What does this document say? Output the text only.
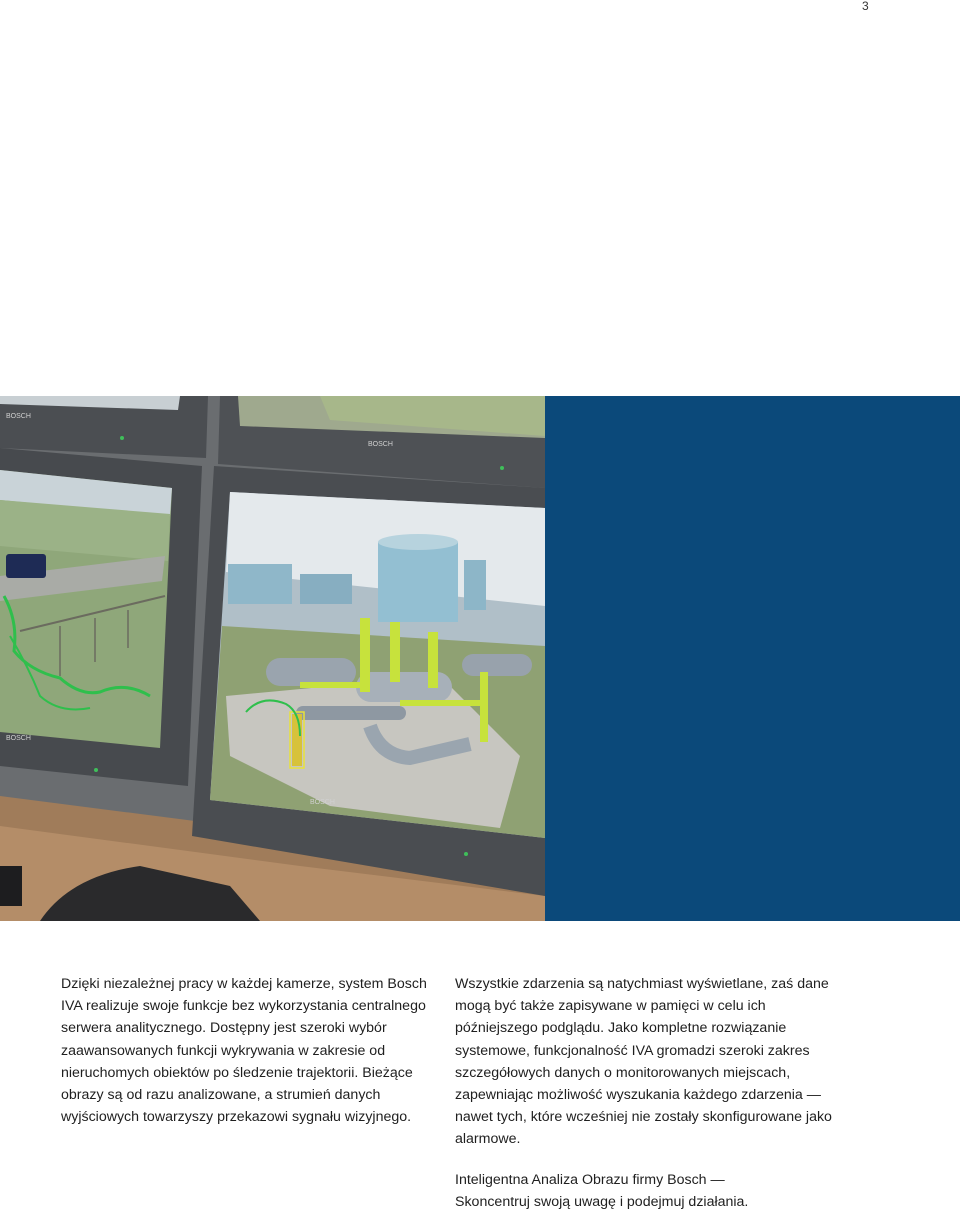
3
BOSCH
BOSCH
BOSCH
BOSCH

Dzięki niezależnej pracy w każdej kamerze, system Bosch IVA realizuje swoje funkcje bez wykorzystania centralnego serwera analitycznego. Dostępny jest szeroki wybór zaawansowanych funkcji wykrywania w zakresie od nieruchomych obiektów po śledzenie trajektorii. Bieżące obrazy są od razu analizowane, a strumień danych wyjściowych towarzyszy przekazowi sygnału wizyjnego.

Wszystkie zdarzenia są natychmiast wyświetlane, zaś dane mogą być także zapisywane w pamięci w celu ich późniejszego podglądu. Jako kompletne rozwiązanie systemowe, funkcjonalność IVA gromadzi szeroki zakres szczegółowych danych o monitorowanych miejscach, zapewniając możliwość wyszukania każdego zdarzenia — nawet tych, które wcześniej nie zostały skonfigurowane jako alarmowe.

Inteligentna Analiza Obrazu firmy Bosch —
Skoncentruj swoją uwagę i podejmuj działania.
